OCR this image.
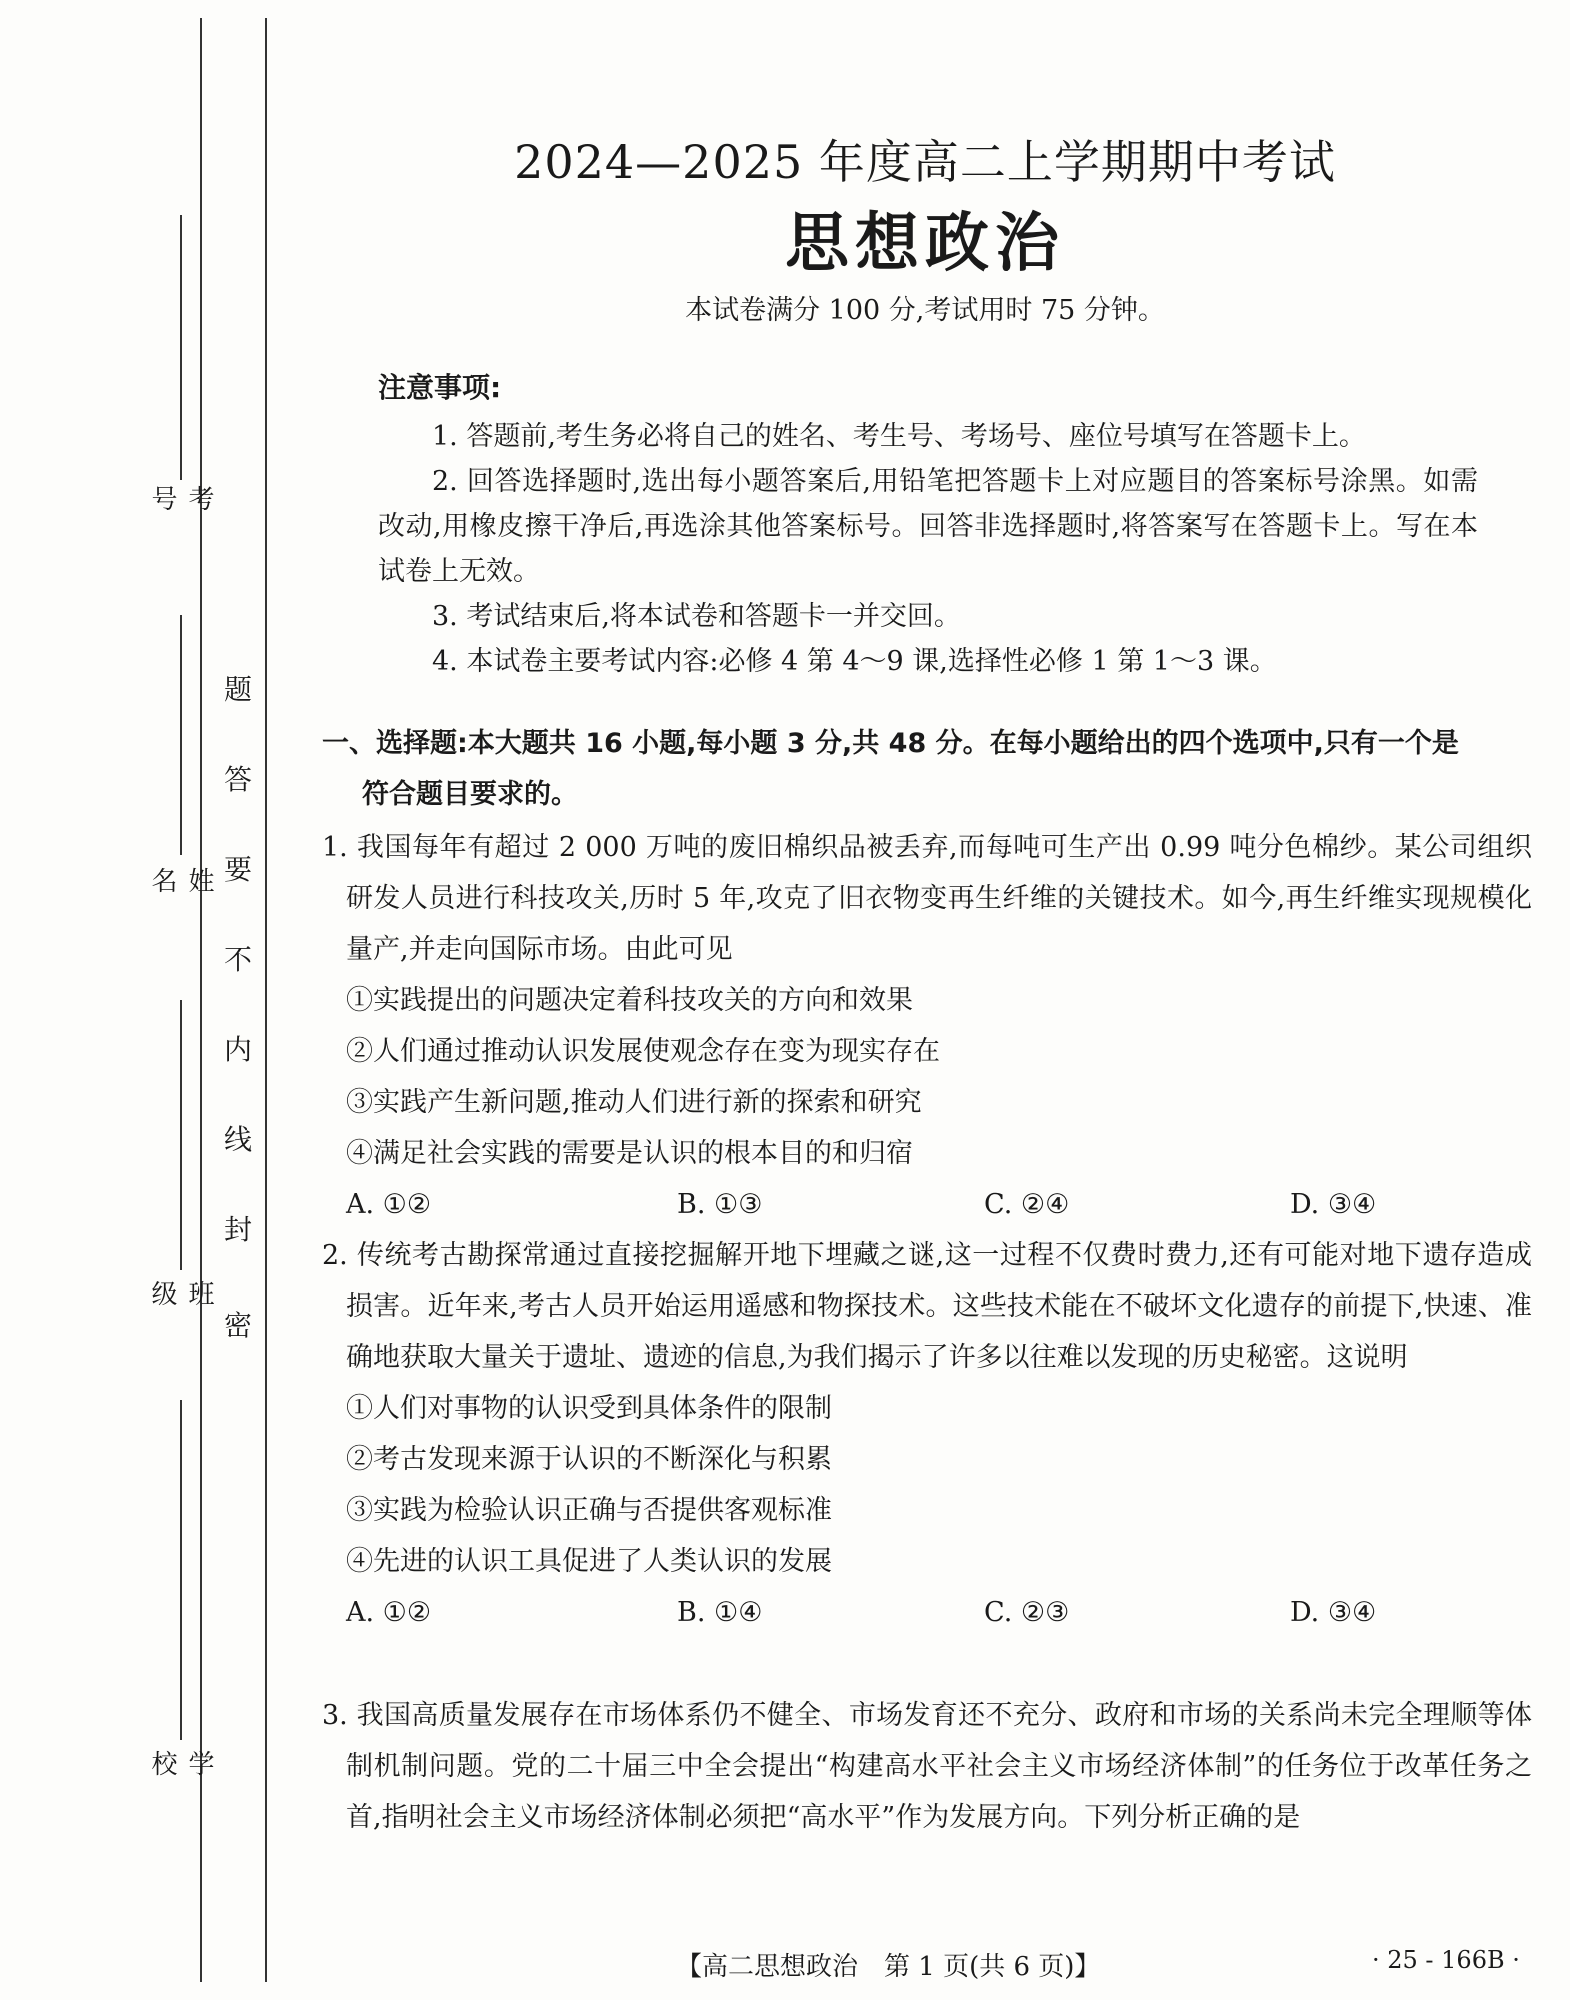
考号
姓名
班级
学校
题
答
要
不
内
线
封
密
2024—2025 年度高二上学期期中考试
思想政治
本试卷满分 100 分,考试用时 75 分钟。
注意事项:

1. 答题前,考生务必将自己的姓名、考生号、考场号、座位号填写在答题卡上。

2. 回答选择题时,选出每小题答案后,用铅笔把答题卡上对应题目的答案标号涂黑。如需改动,用橡皮擦干净后,再选涂其他答案标号。回答非选择题时,将答案写在答题卡上。写在本试卷上无效。

3. 考试结束后,将本试卷和答题卡一并交回。

4. 本试卷主要考试内容:必修 4 第 4～9 课,选择性必修 1 第 1～3 课。

一、选择题:本大题共 16 小题,每小题 3 分,共 48 分。在每小题给出的四个选项中,只有一个是
符合题目要求的。
1. 我国每年有超过 2 000 万吨的废旧棉织品被丢弃,而每吨可生产出 0.99 吨分色棉纱。某公司组织研发人员进行科技攻关,历时 5 年,攻克了旧衣物变再生纤维的关键技术。如今,再生纤维实现规模化量产,并走向国际市场。由此可见
①实践提出的问题决定着科技攻关的方向和效果
②人们通过推动认识发展使观念存在变为现实存在
③实践产生新问题,推动人们进行新的探索和研究
④满足社会实践的需要是认识的根本目的和归宿
A. ①②	B. ①③	C. ②④	D. ③④
2. 传统考古勘探常通过直接挖掘解开地下埋藏之谜,这一过程不仅费时费力,还有可能对地下遗存造成损害。近年来,考古人员开始运用遥感和物探技术。这些技术能在不破坏文化遗存的前提下,快速、准确地获取大量关于遗址、遗迹的信息,为我们揭示了许多以往难以发现的历史秘密。这说明
①人们对事物的认识受到具体条件的限制
②考古发现来源于认识的不断深化与积累
③实践为检验认识正确与否提供客观标准
④先进的认识工具促进了人类认识的发展
A. ①②	B. ①④	C. ②③	D. ③④
3. 我国高质量发展存在市场体系仍不健全、市场发育还不充分、政府和市场的关系尚未完全理顺等体制机制问题。党的二十届三中全会提出“构建高水平社会主义市场经济体制”的任务位于改革任务之首,指明社会主义市场经济体制必须把“高水平”作为发展方向。下列分析正确的是
【高二思想政治　第 1 页(共 6 页)】	· 25 - 166B ·
